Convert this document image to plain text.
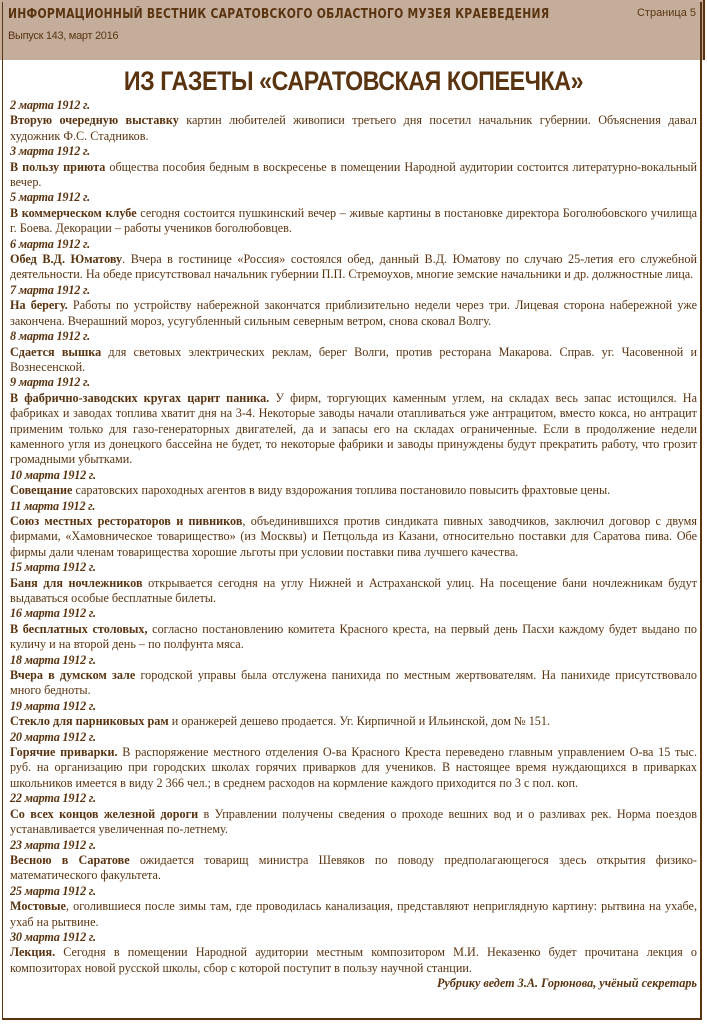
ИНФОРМАЦИОННЫЙ ВЕСТНИК САРАТОВСКОГО ОБЛАСТНОГО МУЗЕЯ КРАЕВЕДЕНИЯ
Выпуск 143, март 2016
Страница 5
ИЗ ГАЗЕТЫ «САРАТОВСКАЯ КОПЕЕЧКА»
2 марта 1912 г.
Вторую очередную выставку картин любителей живописи третьего дня посетил начальник губернии. Объяснения давал художник Ф.С. Стадников.
3 марта 1912 г.
В пользу приюта общества пособия бедным в воскресенье в помещении Народной аудитории состоится литературно-вокальный вечер.
5 марта 1912 г.
В коммерческом клубе сегодня состоится пушкинский вечер – живые картины в постановке директора Боголюбовского училища г. Боева. Декорации – работы учеников боголюбовцев.
6 марта 1912 г.
Обед В.Д. Юматову. Вчера в гостинице «Россия» состоялся обед, данный В.Д. Юматову по случаю 25-летия его служебной деятельности. На обеде присутствовал начальник губернии П.П. Стремоухов, многие земские начальники и др. должностные лица.
7 марта 1912 г.
На берегу. Работы по устройству набережной закончатся приблизительно недели через три. Лицевая сторона набережной уже закончена. Вчерашний мороз, усугубленный сильным северным ветром, снова сковал Волгу.
8 марта 1912 г.
Сдается вышка для световых электрических реклам, берег Волги, против ресторана Макарова. Справ. уг. Часовенной и Вознесенской.
9 марта 1912 г.
В фабрично-заводских кругах царит паника. У фирм, торгующих каменным углем, на складах весь запас истощился. На фабриках и заводах топлива хватит дня на 3-4. Некоторые заводы начали отапливаться уже антрацитом, вместо кокса, но антрацит применим только для газо-генераторных двигателей, да и запасы его на складах ограниченные. Если в продолжение недели каменного угля из донецкого бассейна не будет, то некоторые фабрики и заводы принуждены будут прекратить работу, что грозит громадными убытками.
10 марта 1912 г.
Совещание саратовских пароходных агентов в виду вздорожания топлива постановило повысить фрахтовые цены.
11 марта 1912 г.
Союз местных ресторатоpов и пивников, объединившихся против синдиката пивных заводчиков, заключил договор с двумя фирмами, «Хамовническое товарищество» (из Москвы) и Петцольда из Казани, относительно поставки для Саратова пива. Обе фирмы дали членам товарищества хорошие льготы при условии поставки пива лучшего качества.
15 марта 1912 г.
Баня для ночлежников открывается сегодня на углу Нижней и Астраханской улиц. На посещение бани ночлежникам будут выдаваться особые бесплатные билеты.
16 марта 1912 г.
В бесплатных столовых, согласно постановлению комитета Красного креста, на первый день Пасхи каждому будет выдано по куличу и на второй день – по полфунта мяса.
18 марта 1912 г.
Вчера в думском зале городской управы была отслужена панихида по местным жертвователям. На панихиде присутствовало много бедноты.
19 марта 1912 г.
Стекло для парниковых рам и оранжерей дешево продается. Уг. Кирпичной и Ильинской, дом № 151.
20 марта 1912 г.
Горячие приварки. В распоряжение местного отделения О-ва Красного Креста переведено главным управлением О-ва 15 тыс. руб. на организацию при городских школах горячих приварков для учеников. В настоящее время нуждающихся в приварках школьников имеется в виду 2 366 чел.; в среднем расходов на кормление каждого приходится по 3 с пол. коп.
22 марта 1912 г.
Со всех концов железной дороги в Управлении получены сведения о проходе вешних вод и о разливах рек. Норма поездов устанавливается увеличенная по-летнему.
23 марта 1912 г.
Весною в Саратове ожидается товарищ министра Шевяков по поводу предполагающегося здесь открытия физико-математического факультета.
25 марта 1912 г.
Мостовые, оголившиеся после зимы там, где проводилась канализация, представляют неприглядную картину: рытвина на ухабе, ухаб на рытвине.
30 марта 1912 г.
Лекция. Сегодня в помещении Народной аудитории местным композитором М.И. Неказенко будет прочитана лекция о композиторах новой русской школы, сбор с которой поступит в пользу научной станции.
Рубрику ведет З.А. Горюнова, учёный секретарь
